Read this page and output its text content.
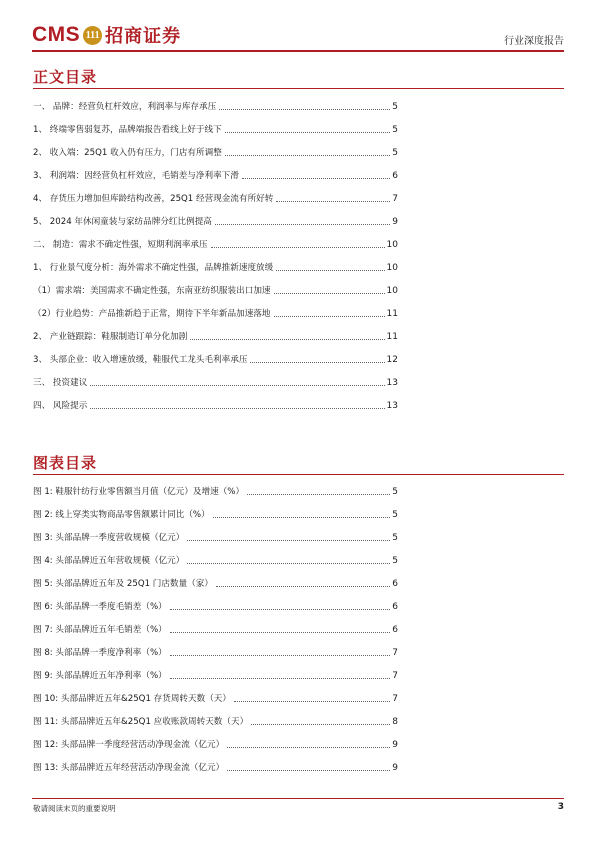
CMS 111 招商证券	行业深度报告
正文目录
一、 品牌：经营负杠杆效应，利润率与库存承压	5
1、 终端零售弱复苏，品牌端报告看线上好于线下	5
2、 收入端：25Q1 收入仍有压力，门店有所调整	5
3、 利润端：因经营负杠杆效应，毛销差与净利率下滑	6
4、 存货压力增加但库龄结构改善，25Q1 经营现金流有所好转	7
5、 2024 年休闲童装与家纺品牌分红比例提高	9
二、 制造：需求不确定性强，短期利润率承压	10
1、 行业景气度分析：海外需求不确定性强，品牌推新速度放缓	10
（1）需求端：美国需求不确定性强，东南亚纺织服装出口加速	10
（2）行业趋势：产品推新趋于正常，期待下半年新品加速落地	11
2、 产业链跟踪：鞋服制造订单分化加剧	11
3、 头部企业：收入增速放缓，鞋服代工龙头毛利率承压	12
三、 投资建议	13
四、 风险提示	13
图表目录
图 1: 鞋服针纺行业零售额当月值（亿元）及增速（%）	5
图 2: 线上穿类实物商品零售额累计同比（%）	5
图 3: 头部品牌一季度营收规模（亿元）	5
图 4: 头部品牌近五年营收规模（亿元）	5
图 5: 头部品牌近五年及 25Q1 门店数量（家）	6
图 6: 头部品牌一季度毛销差（%）	6
图 7: 头部品牌近五年毛销差（%）	6
图 8: 头部品牌一季度净利率（%）	7
图 9: 头部品牌近五年净利率（%）	7
图 10: 头部品牌近五年&25Q1 存货周转天数（天）	7
图 11: 头部品牌近五年&25Q1 应收账款周转天数（天）	8
图 12: 头部品牌一季度经营活动净现金流（亿元）	9
图 13: 头部品牌近五年经营活动净现金流（亿元）	9
敬请阅读末页的重要说明	3
